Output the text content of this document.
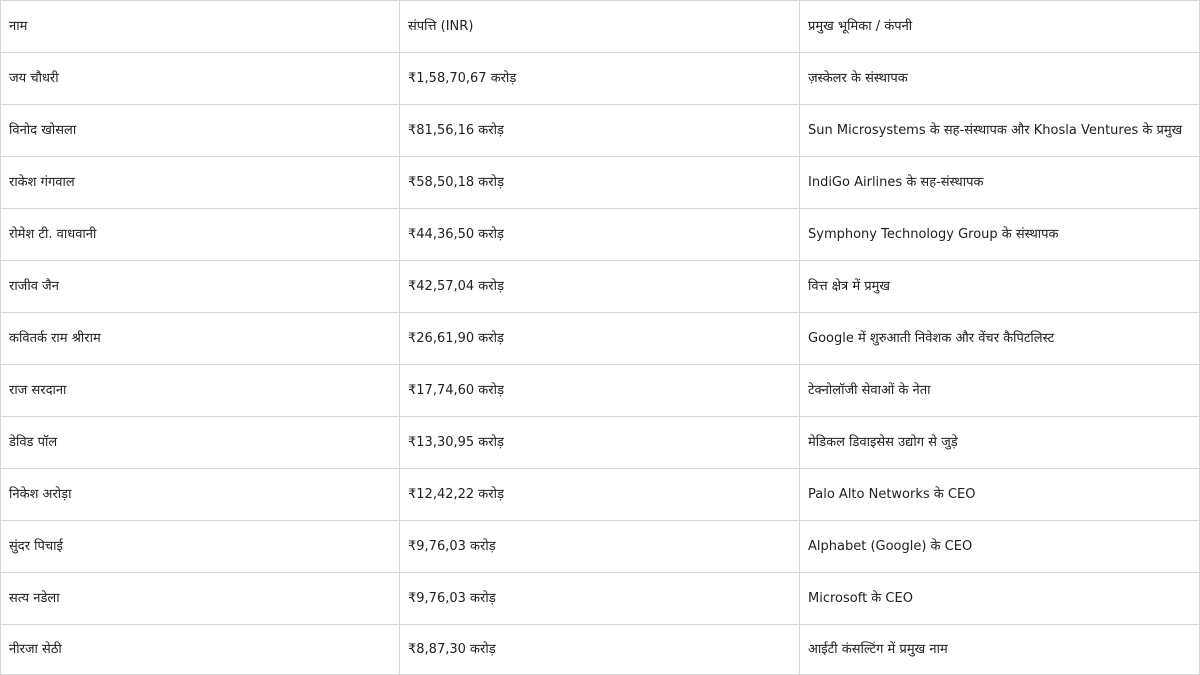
नाम	संपत्ति (INR)	प्रमुख भूमिका / कंपनी
जय चौधरी	₹1,58,70,67 करोड़	ज़स्केलर के संस्थापक
विनोद खोसला	₹81,56,16 करोड़	Sun Microsystems के सह-संस्थापक और Khosla Ventures के प्रमुख
राकेश गंगवाल	₹58,50,18 करोड़	IndiGo Airlines के सह-संस्थापक
रोमेश टी. वाधवानी	₹44,36,50 करोड़	Symphony Technology Group के संस्थापक
राजीव जैन	₹42,57,04 करोड़	वित्त क्षेत्र में प्रमुख
कवितर्क राम श्रीराम	₹26,61,90 करोड़	Google में शुरुआती निवेशक और वेंचर कैपिटलिस्ट
राज सरदाना	₹17,74,60 करोड़	टेक्नोलॉजी सेवाओं के नेता
डेविड पॉल	₹13,30,95 करोड़	मेडिकल डिवाइसेस उद्योग से जुड़े
निकेश अरोड़ा	₹12,42,22 करोड़	Palo Alto Networks के CEO
सुंदर पिचाई	₹9,76,03 करोड़	Alphabet (Google) के CEO
सत्य नडेला	₹9,76,03 करोड़	Microsoft के CEO
नीरजा सेठी	₹8,87,30 करोड़	आईटी कंसल्टिंग में प्रमुख नाम
